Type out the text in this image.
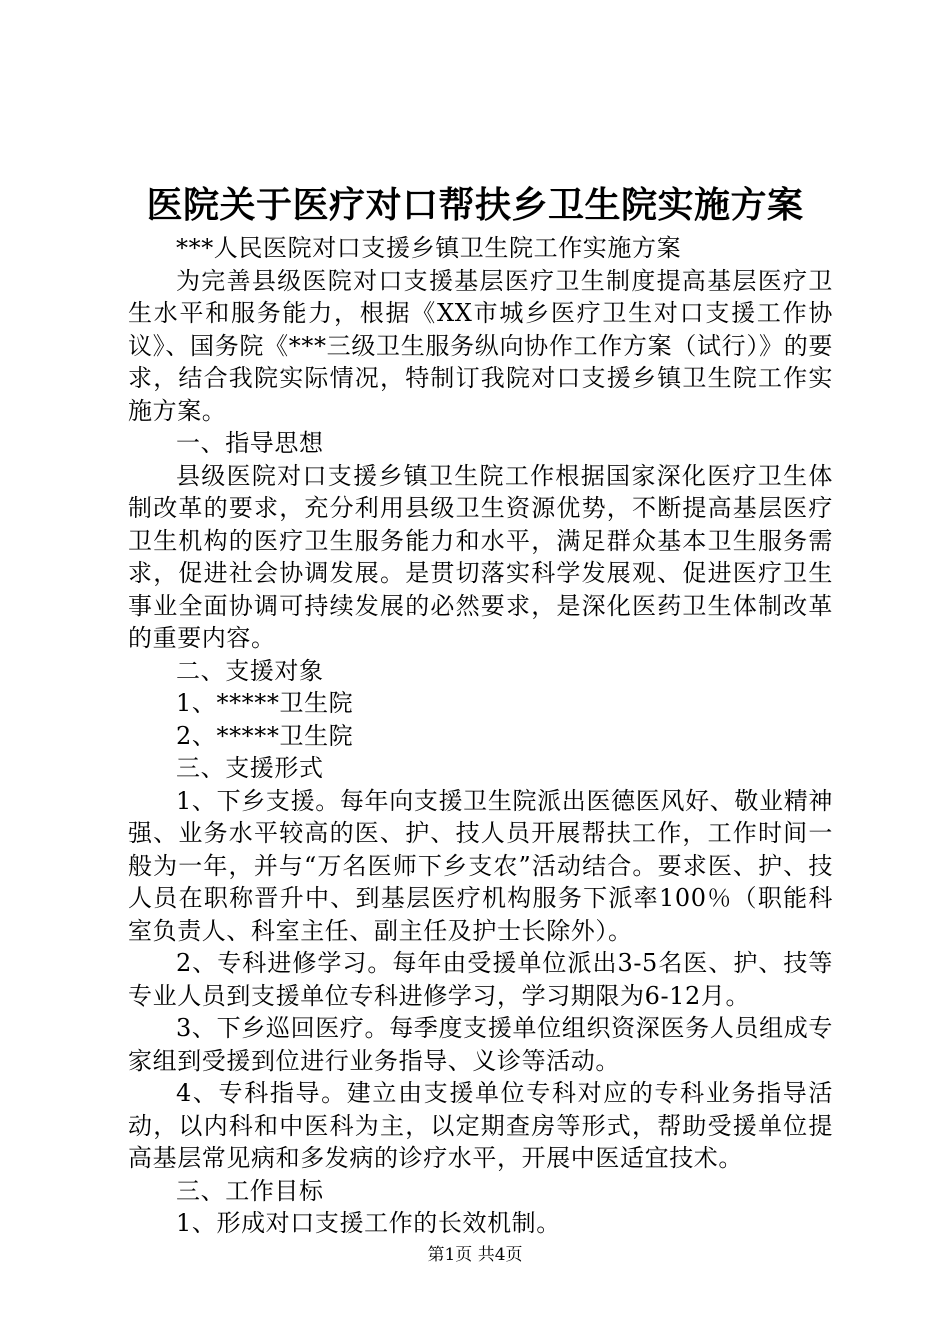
医院关于医疗对口帮扶乡卫生院实施方案

***人民医院对口支援乡镇卫生院工作实施方案

为完善县级医院对口支援基层医疗卫生制度提高基层医疗卫生水平和服务能力，根据《XX市城乡医疗卫生对口支援工作协议》、国务院《***三级卫生服务纵向协作工作方案（试行）》的要求，结合我院实际情况，特制订我院对口支援乡镇卫生院工作实施方案。

一、指导思想

县级医院对口支援乡镇卫生院工作根据国家深化医疗卫生体制改革的要求，充分利用县级卫生资源优势，不断提高基层医疗卫生机构的医疗卫生服务能力和水平，满足群众基本卫生服务需求，促进社会协调发展。是贯切落实科学发展观、促进医疗卫生事业全面协调可持续发展的必然要求，是深化医药卫生体制改革的重要内容。

二、支援对象

1、*****卫生院

2、*****卫生院

三、支援形式

1、下乡支援。每年向支援卫生院派出医德医风好、敬业精神强、业务水平较高的医、护、技人员开展帮扶工作，工作时间一般为一年，并与“万名医师下乡支农”活动结合。要求医、护、技人员在职称晋升中、到基层医疗机构服务下派率100％（职能科室负责人、科室主任、副主任及护士长除外）。

2、专科进修学习。每年由受援单位派出3-5名医、护、技等专业人员到支援单位专科进修学习，学习期限为6-12月。

3、下乡巡回医疗。每季度支援单位组织资深医务人员组成专家组到受援到位进行业务指导、义诊等活动。

4、专科指导。建立由支援单位专科对应的专科业务指导活动，以内科和中医科为主，以定期查房等形式，帮助受援单位提高基层常见病和多发病的诊疗水平，开展中医适宜技术。

三、工作目标

1、形成对口支援工作的长效机制。

第1页 共4页
